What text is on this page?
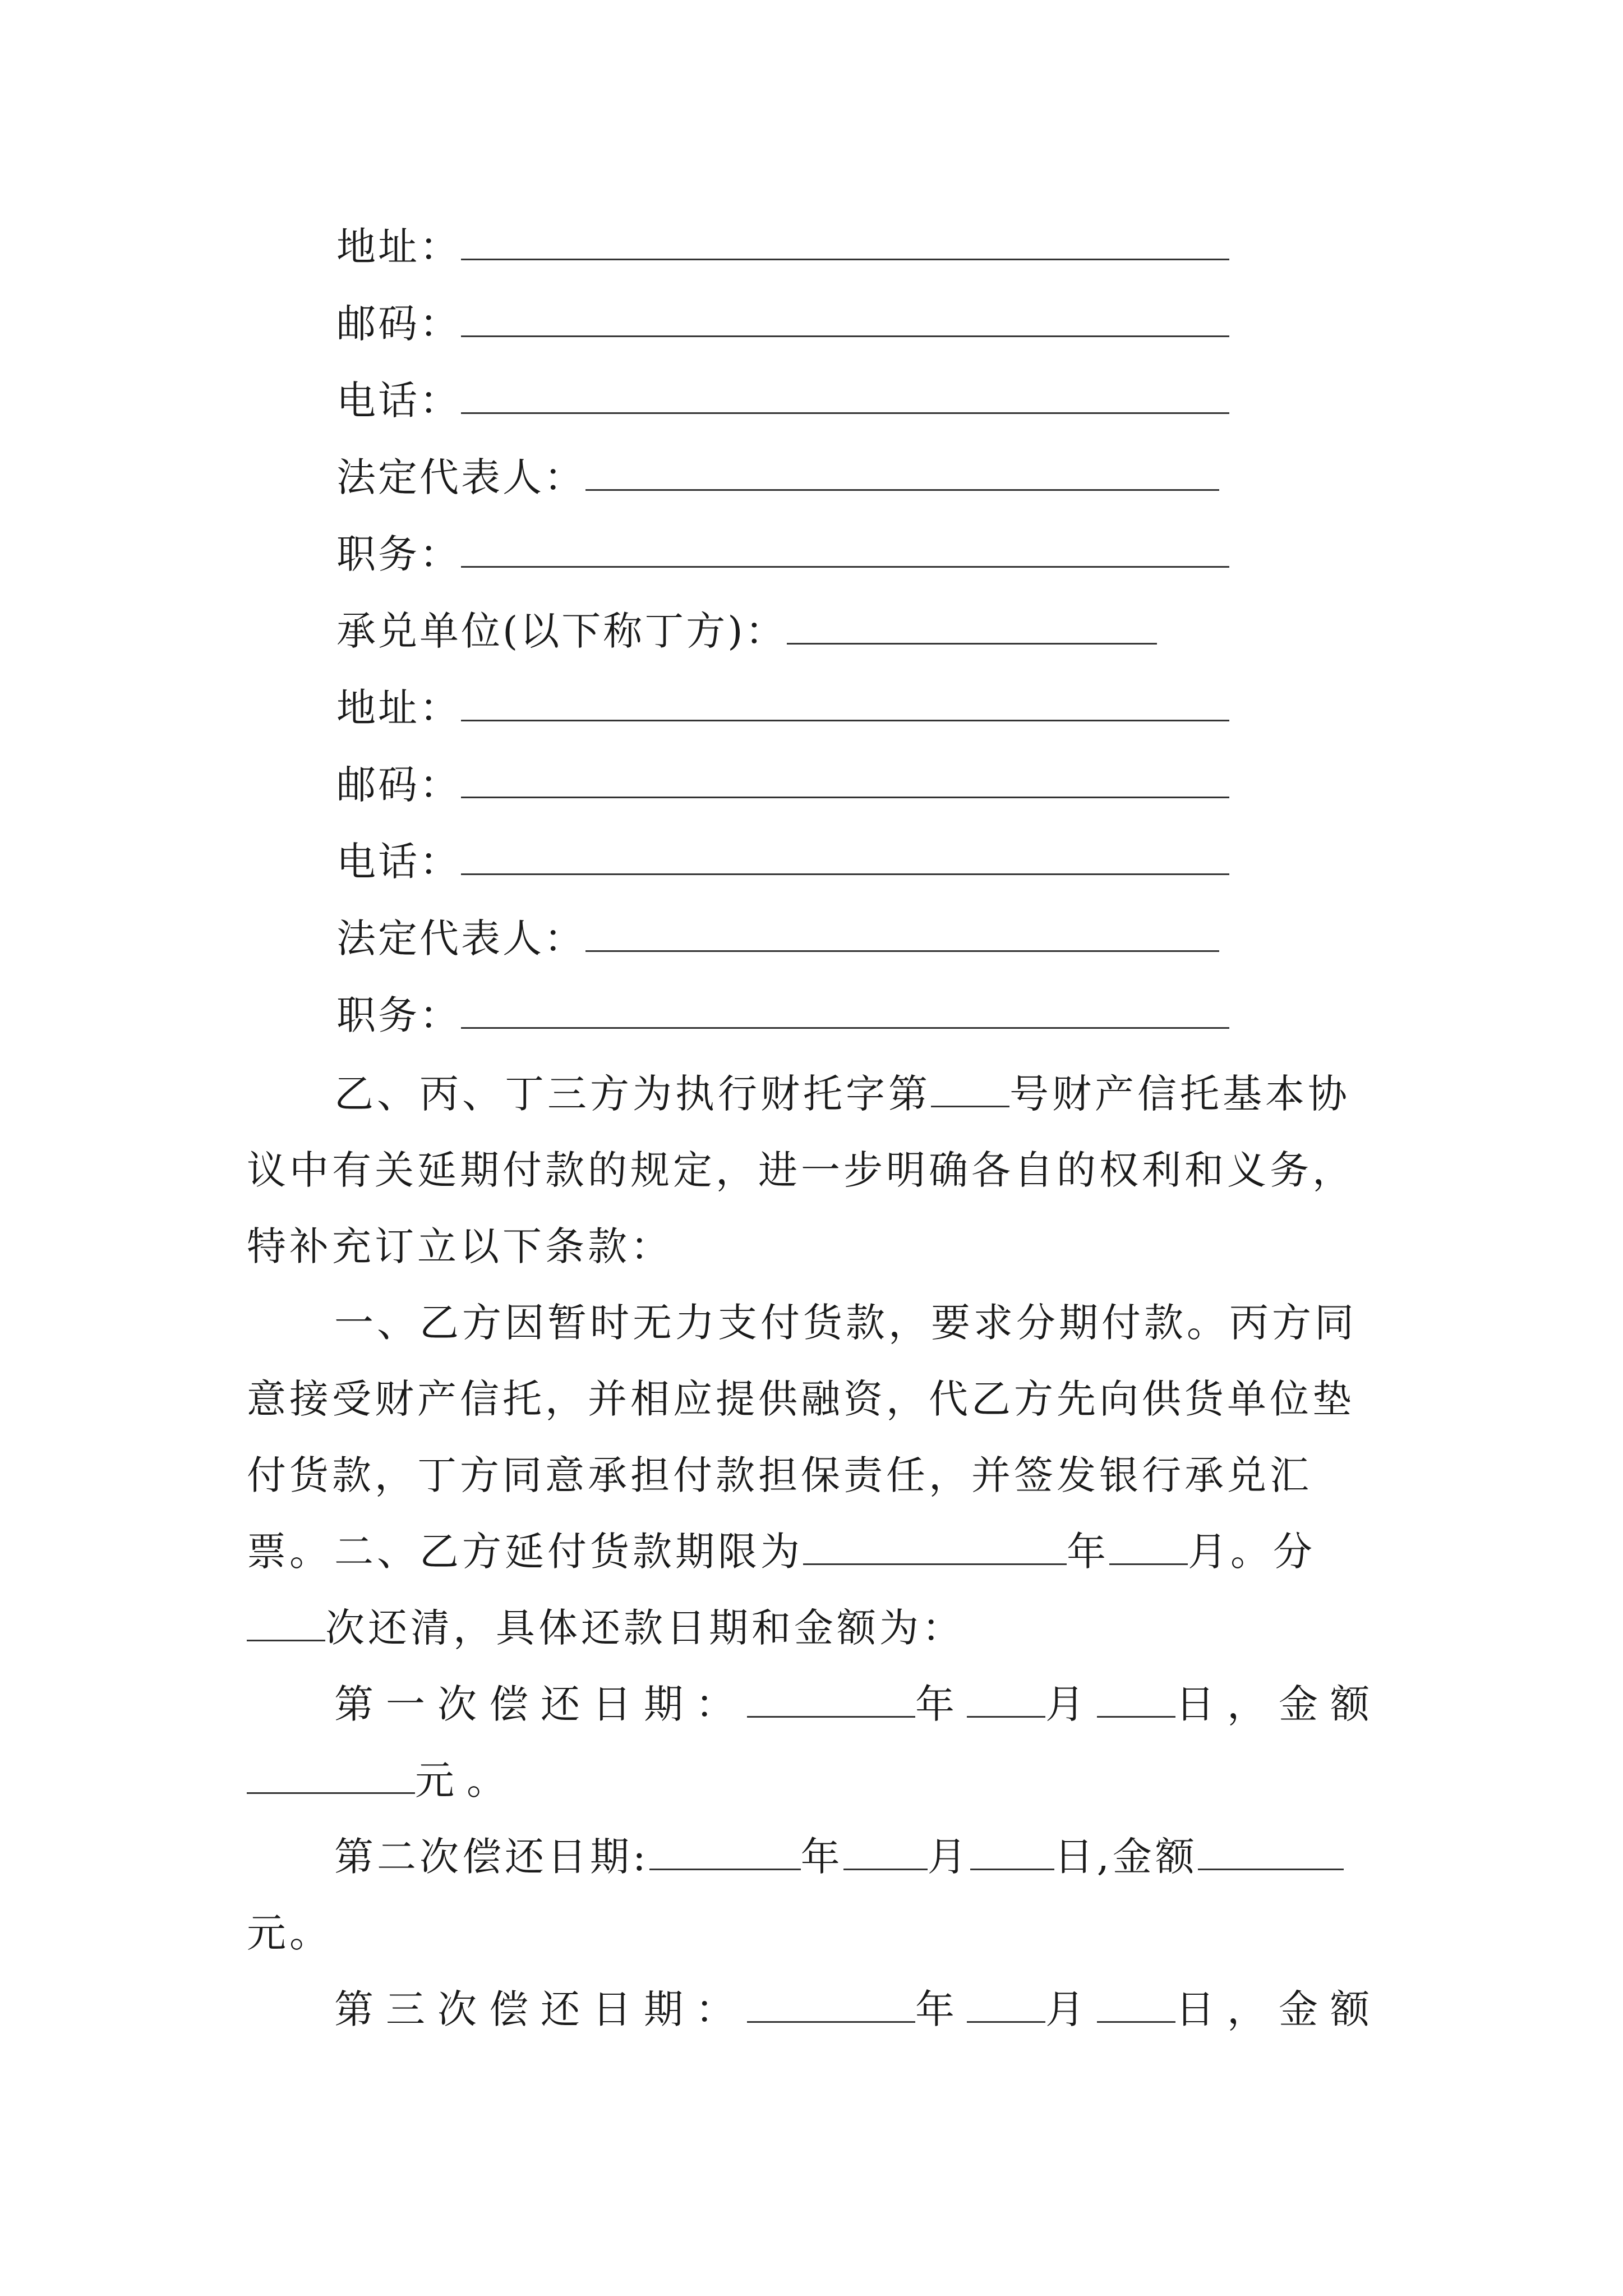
地址：
邮码：
电话：
法定代表人：
职务：
承兑单位(以下称丁方)：
地址：
邮码：
电话：
法定代表人：
职务：
乙、丙、丁三方为执行财托字第 号财产信托基本协议中有关延期付款的规定，进一步明确各自的权利和义务，特补充订立以下条款：
一、乙方因暂时无力支付货款，要求分期付款。丙方同意接受财产信托，并相应提供融资，代乙方先向供货单位垫付货款，丁方同意承担付款担保责任，并签发银行承兑汇票。 二、乙方延付货款期限为	年 月。分次还清，具体还款日期和金额为：
第一次偿还日期：	年 月 日，金额元。
第二次偿还日期:	年 月 日,金额元。
第三次偿还日期：	年 月 日，金额
